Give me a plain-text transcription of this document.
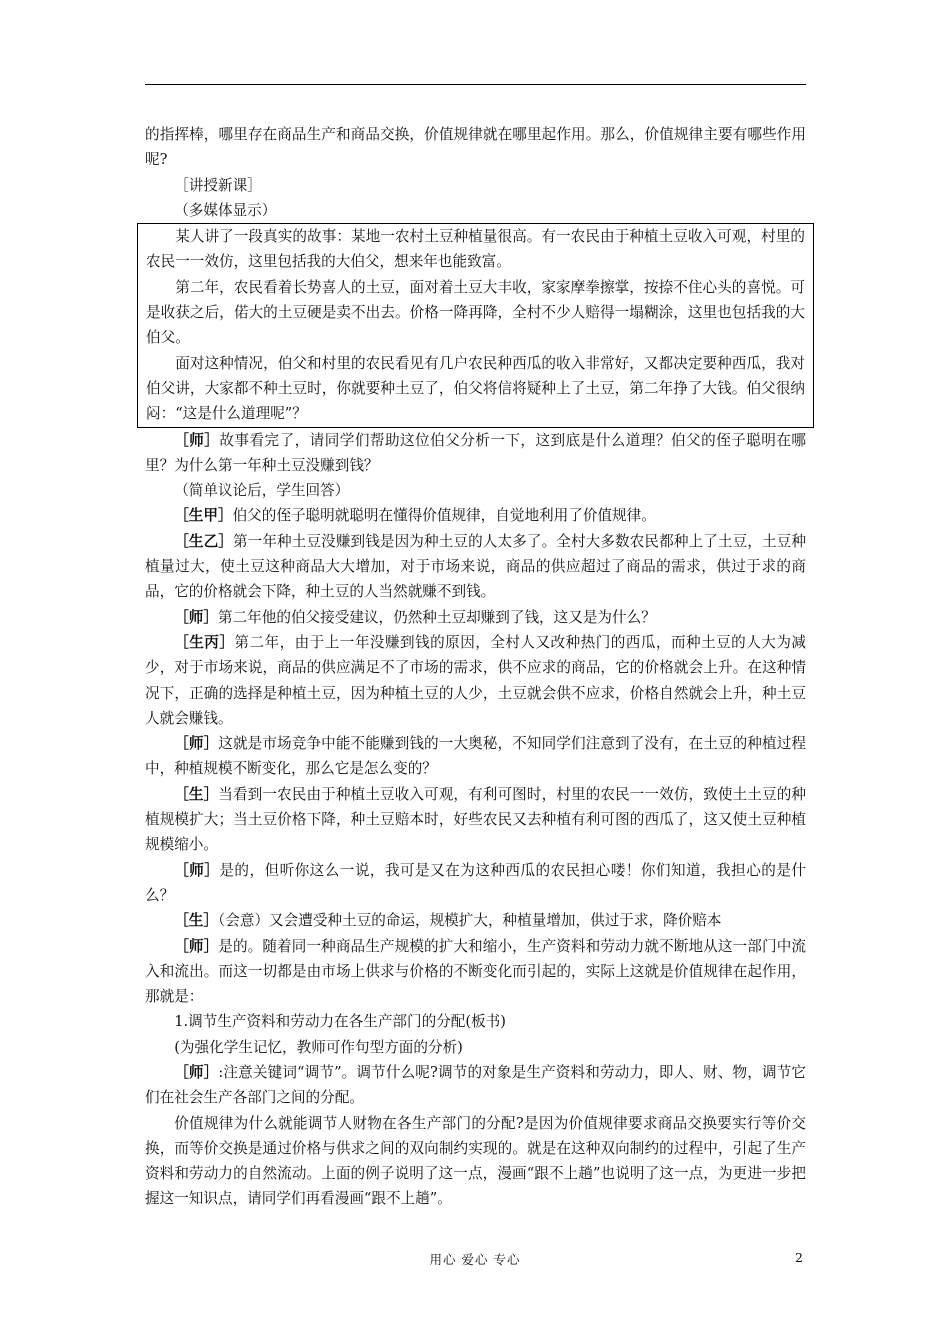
的指挥棒，哪里存在商品生产和商品交换，价值规律就在哪里起作用。那么，价值规律主要有哪些作用呢?

［讲授新课］

（多媒体显示）

某人讲了一段真实的故事：某地一农村土豆种植量很高。有一农民由于种植土豆收入可观，村里的农民一一效仿，这里包括我的大伯父，想来年也能致富。

第二年，农民看着长势喜人的土豆，面对着土豆大丰收，家家摩拳擦掌，按捺不住心头的喜悦。可是收获之后，偌大的土豆硬是卖不出去。价格一降再降，全村不少人赔得一塌糊涂，这里也包括我的大伯父。

面对这种情况，伯父和村里的农民看见有几户农民种西瓜的收入非常好，又都决定要种西瓜，我对伯父讲，大家都不种土豆时，你就要种土豆了，伯父将信将疑种上了土豆，第二年挣了大钱。伯父很纳闷：“这是什么道理呢”？

［师］故事看完了，请同学们帮助这位伯父分析一下，这到底是什么道理？伯父的侄子聪明在哪里？为什么第一年种土豆没赚到钱？

（简单议论后，学生回答）

［生甲］伯父的侄子聪明就聪明在懂得价值规律，自觉地利用了价值规律。

［生乙］第一年种土豆没赚到钱是因为种土豆的人太多了。全村大多数农民都种上了土豆，土豆种植量过大，使土豆这种商品大大增加，对于市场来说，商品的供应超过了商品的需求，供过于求的商品，它的价格就会下降，种土豆的人当然就赚不到钱。

［师］第二年他的伯父接受建议，仍然种土豆却赚到了钱，这又是为什么？

［生丙］第二年，由于上一年没赚到钱的原因，全村人又改种热门的西瓜，而种土豆的人大为减少，对于市场来说，商品的供应满足不了市场的需求，供不应求的商品，它的价格就会上升。在这种情况下，正确的选择是种植土豆，因为种植土豆的人少，土豆就会供不应求，价格自然就会上升，种土豆人就会赚钱。

［师］这就是市场竞争中能不能赚到钱的一大奥秘，不知同学们注意到了没有，在土豆的种植过程中，种植规模不断变化，那么它是怎么变的？

［生］当看到一农民由于种植土豆收入可观，有利可图时，村里的农民一一效仿，致使土土豆的种植规模扩大；当土豆价格下降，种土豆赔本时，好些农民又去种植有利可图的西瓜了，这又使土豆种植规模缩小。

［师］是的，但听你这么一说，我可是又在为这种西瓜的农民担心喽！你们知道，我担心的是什么？

［生］（会意）又会遭受种土豆的命运，规模扩大，种植量增加，供过于求，降价赔本

［师］是的。随着同一种商品生产规模的扩大和缩小，生产资料和劳动力就不断地从这一部门中流入和流出。而这一切都是由市场上供求与价格的不断变化而引起的，实际上这就是价值规律在起作用，那就是：

1.调节生产资料和劳动力在各生产部门的分配(板书)

(为强化学生记忆，教师可作句型方面的分析)

［师］:注意关键词“调节”。调节什么呢?调节的对象是生产资料和劳动力，即人、财、物，调节它们在社会生产各部门之间的分配。

价值规律为什么就能调节人财物在各生产部门的分配?是因为价值规律要求商品交换要实行等价交换，而等价交换是通过价格与供求之间的双向制约实现的。就是在这种双向制约的过程中，引起了生产资料和劳动力的自然流动。上面的例子说明了这一点，漫画“跟不上趟”也说明了这一点，为更进一步把握这一知识点，请同学们再看漫画“跟不上趟”。

用心 爱心 专心	2
